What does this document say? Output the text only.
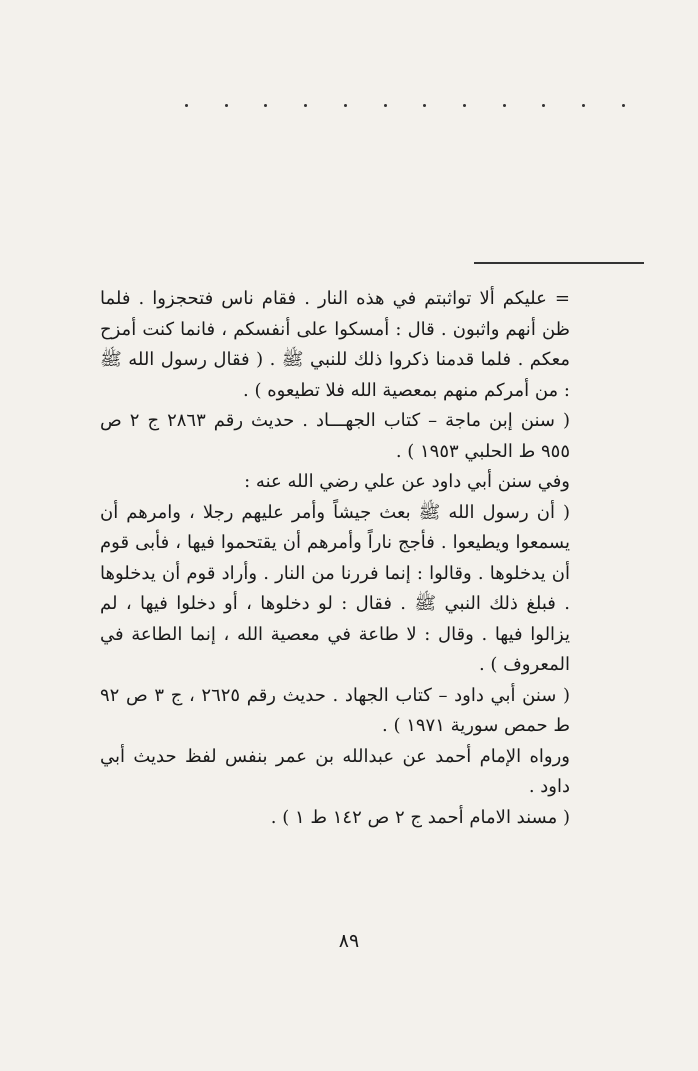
= عليكم ألا تواثبتم في هذه النار . فقام ناس فتحجزوا . فلما ظن أنهم واثبون . قال : أمسكوا على أنفسكم ، فانما كنت أمزح معكم . فلما قدمنا ذكروا ذلك للنبي ﷺ . ( فقال رسول الله ﷺ : من أمركم منهم بمعصية الله فلا تطيعوه ) .

( سنن إبن ماجة – كتاب الجهـــاد . حديث رقم ٢٨٦٣ ج ٢ ص ٩٥٥ ط الحلبي ١٩٥٣ ) .

وفي سنن أبي داود عن علي رضي الله عنه :

( أن رسول الله ﷺ بعث جيشاً وأمر عليهم رجلا ، وامرهم أن يسمعوا ويطيعوا . فأجج ناراً وأمرهم أن يقتحموا فيها ، فأبى قوم أن يدخلوها . وقالوا : إنما فررنا من النار . وأراد قوم أن يدخلوها . فبلغ ذلك النبي ﷺ . فقال : لو دخلوها ، أو دخلوا فيها ، لم يزالوا فيها . وقال : لا طاعة في معصية الله ، إنما الطاعة في المعروف ) .

( سنن أبي داود – كتاب الجهاد . حديث رقم ٢٦٢٥ ، ج ٣ ص ٩٢ ط حمص سورية ١٩٧١ ) .

ورواه الإمام أحمد عن عبدالله بن عمر بنفس لفظ حديث أبي داود .

( مسند الامام أحمد ج ٢ ص ١٤٢ ط ١ ) .

٨٩
